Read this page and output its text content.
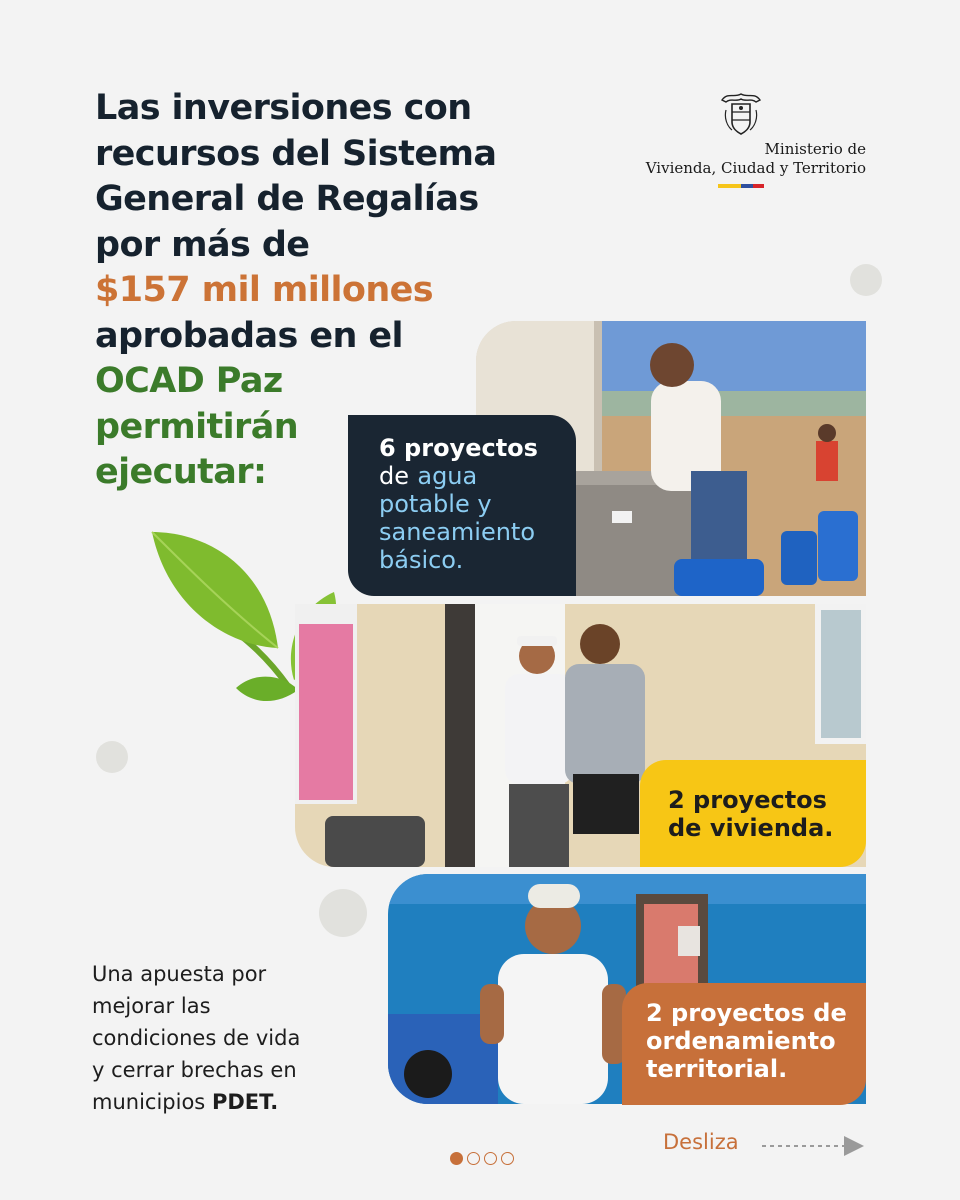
Las inversiones con
recursos del Sistema
General de Regalías
por más de
$157 mil millones
aprobadas en el
OCAD Paz
permitirán
ejecutar:
Ministerio de
Vivienda, Ciudad y Territorio
6 proyectos
de agua
potable y
saneamiento
básico.
2 proyectos
de vivienda.
2 proyectos de
ordenamiento
territorial.
Una apuesta por
mejorar las
condiciones de vida
y cerrar brechas en
municipios PDET.
Desliza
